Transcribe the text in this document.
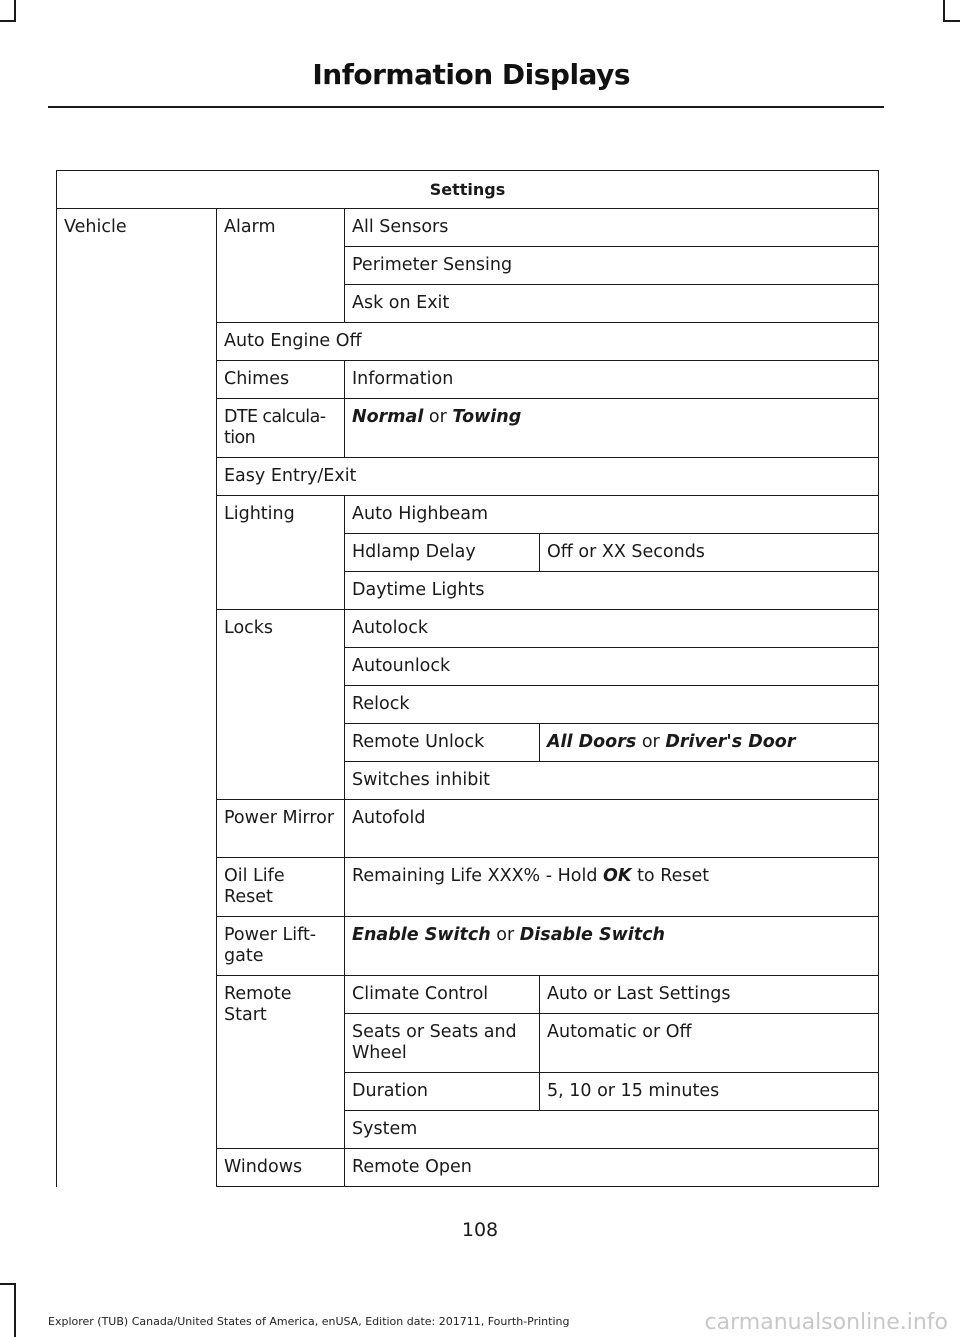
Information Displays
Settings			
Vehicle	Alarm	All Sensors	
		Perimeter Sensing	
		Ask on Exit	
	Auto Engine Off		
	Chimes	Information	
	DTE calcula-tion	Normal or Towing	
	Easy Entry/Exit		
	Lighting	Auto Highbeam	
		Hdlamp Delay	Off or XX Seconds
		Daytime Lights	
	Locks	Autolock	
		Autounlock	
		Relock	
		Remote Unlock	All Doors or Driver's Door
		Switches inhibit	
	Power Mirror	Autofold	
	Oil Life Reset	Remaining Life XXX% - Hold OK to Reset	
	Power Lift-gate	Enable Switch or Disable Switch	
	Remote Start	Climate Control	Auto or Last Settings
		Seats or Seats and Wheel	Automatic or Off
		Duration	5, 10 or 15 minutes
		System	
	Windows	Remote Open	
108
Explorer (TUB) Canada/United States of America, enUSA, Edition date: 201711, Fourth-Printing	carmanualsonline.info
